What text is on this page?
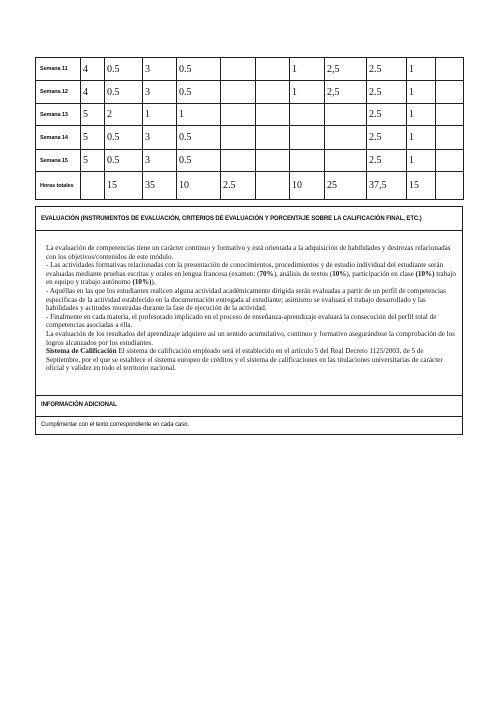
Semana 11	4	0.5	3	0.5			1	2,5	2.5	1	
Semana 12	4	0.5	3	0.5			1	2,5	2.5	1	
Semana 13	5	2	1	1					2.5	1	
Semana 14	5	0.5	3	0.5					2.5	1	
Semana 15	5	0.5	3	0.5					2.5	1	
Horas totales		15	35	10	2.5		10	25	37,5	15	
EVALUACIÓN (INSTRUMENTOS DE EVALUACIÓN, CRITERIOS DE EVALUACIÓN Y PORCENTAJE SOBRE LA CALIFICACIÓN FINAL, ETC.)

La evaluación de competencias tiene un carácter continuo y formativo y está orientada a la adquisición de habilidades y destrezas relacionadas con los objetivos/contenidos de este módulo.

- Las actividades formativas relacionadas con la presentación de conocimientos, procedimientos y de estudio individual del estudiante serán evaluadas mediante pruebas escritas y orales en lengua francesa (examen: (70%), análisis de textos (10%), participación en clase (10%) trabajo en equipo y trabajo autónomo (10%)).

- Aquéllas en las que los estudiantes realicen alguna actividad académicamente dirigida serán evaluadas a partir de un perfil de competencias específicas de la actividad establecido en la documentación entregada al estudiante; asimismo se evaluará el trabajo desarrollado y las habilidades y actitudes mostradas durante la fase de ejecución de la actividad.

- Finalmente en cada materia, el profesorado implicado en el proceso de enseñanza-aprendizaje evaluará la consecución del perfil total de competencias asociadas a ella.

La evaluación de los resultados del aprendizaje adquiere así un sentido acumulativo, continuo y formativo asegurándose la comprobación de los logros alcanzados por los estudiantes.

Sistema de Calificación El sistema de calificación empleado será el establecido en el artículo 5 del Real Decreto 1125/2003, de 5 de Septiembre, por el que se establece el sistema europeo de créditos y el sistema de calificaciones en las titulaciones universitarias de carácter oficial y validez en todo el territorio nacional.

INFORMACIÓN ADICIONAL
Cumplimentar con el texto correspondiente en cada caso.
